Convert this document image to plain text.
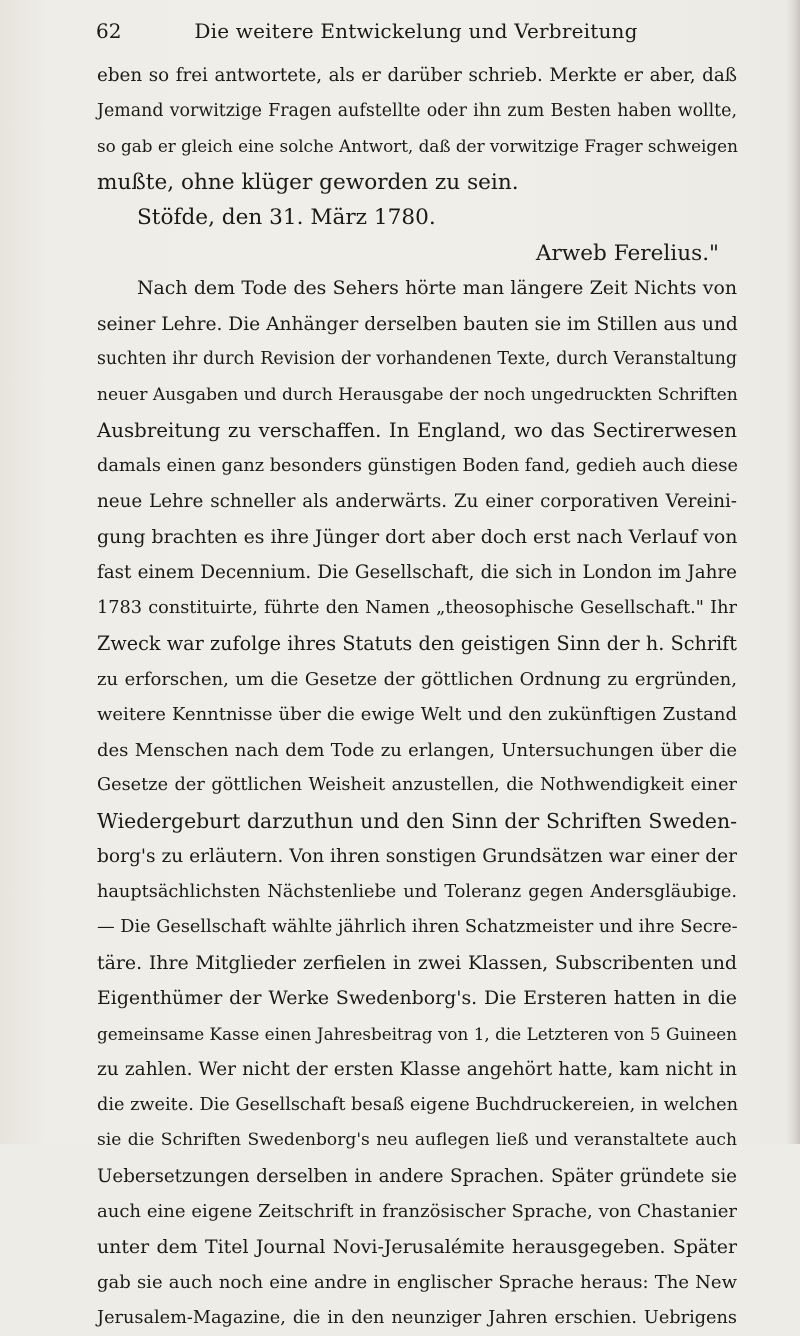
62	Die weitere Entwickelung und Verbreitung
eben so frei antwortete, als er darüber schrieb. Merkte er aber, daß
Jemand vorwitzige Fragen aufstellte oder ihn zum Besten haben wollte,
so gab er gleich eine solche Antwort, daß der vorwitzige Frager schweigen
mußte, ohne klüger geworden zu sein.
Stöfde, den 31. März 1780.
Arweb Ferelius."
Nach dem Tode des Sehers hörte man längere Zeit Nichts von
seiner Lehre. Die Anhänger derselben bauten sie im Stillen aus und
suchten ihr durch Revision der vorhandenen Texte, durch Veranstaltung
neuer Ausgaben und durch Herausgabe der noch ungedruckten Schriften
Ausbreitung zu verschaffen. In England, wo das Sectirerwesen
damals einen ganz besonders günstigen Boden fand, gedieh auch diese
neue Lehre schneller als anderwärts. Zu einer corporativen Vereini-
gung brachten es ihre Jünger dort aber doch erst nach Verlauf von
fast einem Decennium. Die Gesellschaft, die sich in London im Jahre
1783 constituirte, führte den Namen „theosophische Gesellschaft." Ihr
Zweck war zufolge ihres Statuts den geistigen Sinn der h. Schrift
zu erforschen, um die Gesetze der göttlichen Ordnung zu ergründen,
weitere Kenntnisse über die ewige Welt und den zukünftigen Zustand
des Menschen nach dem Tode zu erlangen, Untersuchungen über die
Gesetze der göttlichen Weisheit anzustellen, die Nothwendigkeit einer
Wiedergeburt darzuthun und den Sinn der Schriften Sweden-
borg's zu erläutern. Von ihren sonstigen Grundsätzen war einer der
hauptsächlichsten Nächstenliebe und Toleranz gegen Andersgläubige.
— Die Gesellschaft wählte jährlich ihren Schatzmeister und ihre Secre-
täre. Ihre Mitglieder zerfielen in zwei Klassen, Subscribenten und
Eigenthümer der Werke Swedenborg's. Die Ersteren hatten in die
gemeinsame Kasse einen Jahresbeitrag von 1, die Letzteren von 5 Guineen
zu zahlen. Wer nicht der ersten Klasse angehört hatte, kam nicht in
die zweite. Die Gesellschaft besaß eigene Buchdruckereien, in welchen
sie die Schriften Swedenborg's neu auflegen ließ und veranstaltete auch
Uebersetzungen derselben in andere Sprachen. Später gründete sie
auch eine eigene Zeitschrift in französischer Sprache, von Chastanier
unter dem Titel Journal Novi-Jerusalémite herausgegeben. Später
gab sie auch noch eine andre in englischer Sprache heraus: The New
Jerusalem-Magazine, die in den neunziger Jahren erschien. Uebrigens
